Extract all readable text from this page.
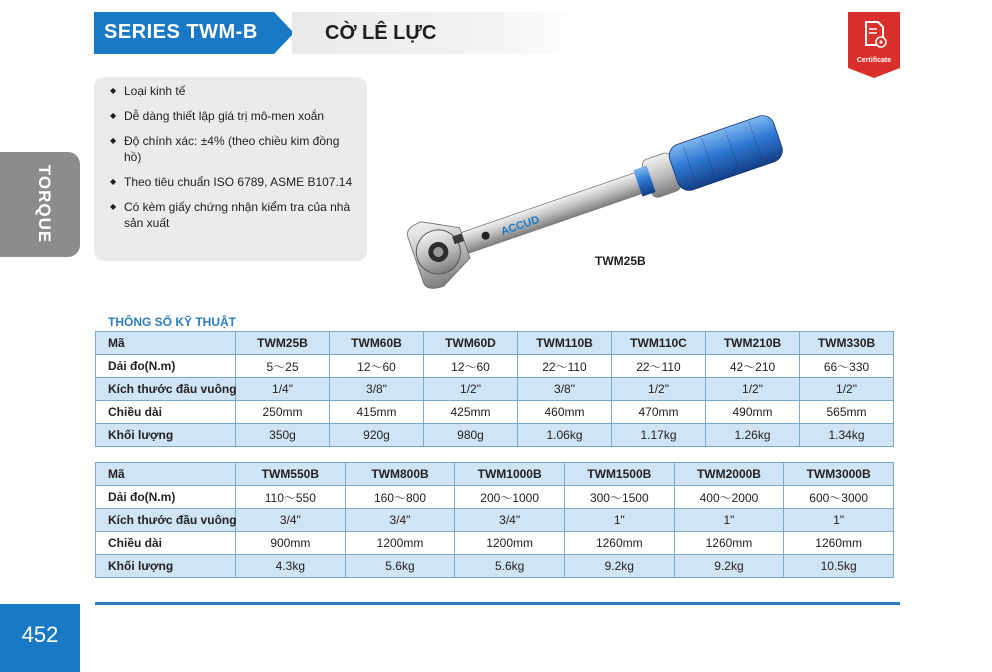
SERIES TWM-B	CỜ LÊ LỰC
Certificate
TORQUE
452
◆ Loại kinh tế
◆ Dễ dàng thiết lập giá trị mô-men xoắn
◆ Độ chính xác: ±4% (theo chiều kim đồng hồ)
◆ Theo tiêu chuẩn ISO 6789, ASME B107.14
◆ Có kèm giấy chứng nhận kiểm tra của nhà sản xuất	ACCUD
TWM25B
THÔNG SỐ KỸ THUẬT
Mã	TWM25B	TWM60B	TWM60D	TWM110B	TWM110C	TWM210B	TWM330B
Dải đo(N.m)	5～25	12～60	12～60	22～110	22～110	42～210	66～330
Kích thước đầu vuông	1/4"	3/8"	1/2"	3/8"	1/2"	1/2"	1/2"
Chiều dài	250mm	415mm	425mm	460mm	470mm	490mm	565mm
Khối lượng	350g	920g	980g	1.06kg	1.17kg	1.26kg	1.34kg
Mã	TWM550B	TWM800B	TWM1000B	TWM1500B	TWM2000B	TWM3000B
Dải đo(N.m)	110～550	160～800	200～1000	300～1500	400～2000	600～3000
Kích thước đầu vuông	3/4"	3/4"	3/4"	1"	1"	1"
Chiều dài	900mm	1200mm	1200mm	1260mm	1260mm	1260mm
Khối lượng	4.3kg	5.6kg	5.6kg	9.2kg	9.2kg	10.5kg
